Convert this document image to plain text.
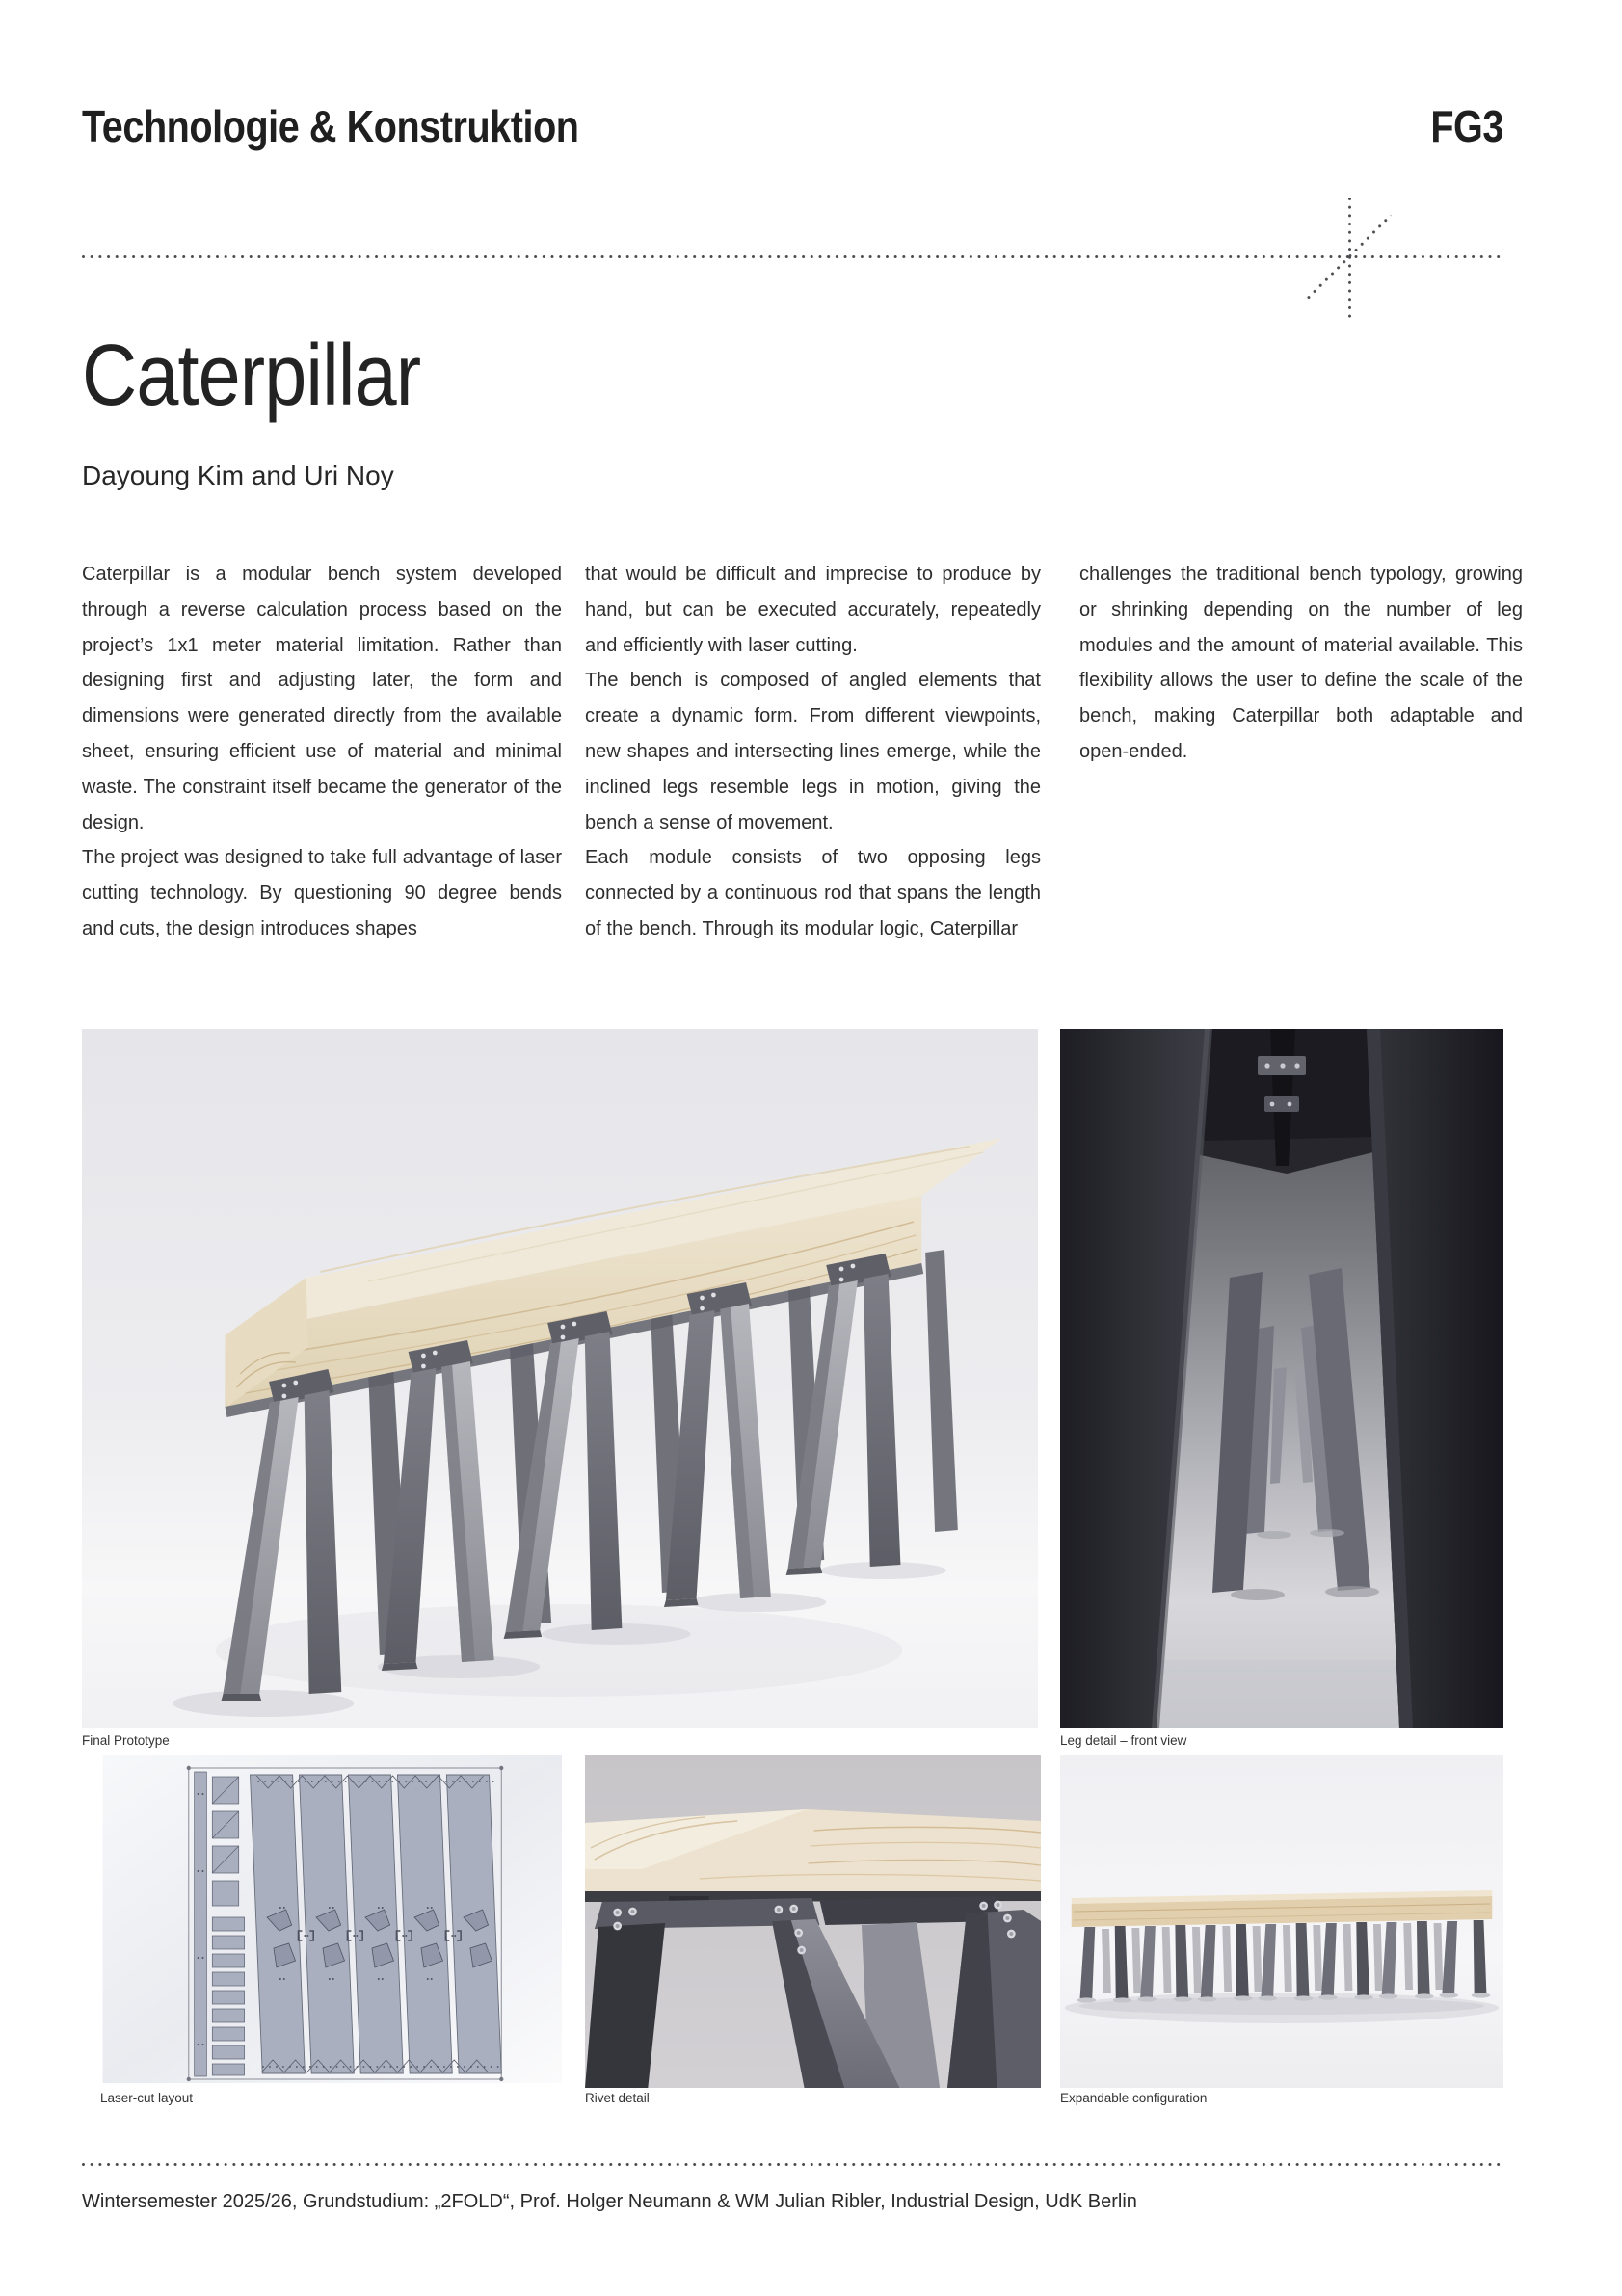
Technologie & Konstruktion	FG3
Caterpillar
Dayoung Kim and Uri Noy

Caterpillar is a modular bench system developed through a reverse calculation process based on the project’s 1x1 meter material limitation. Rather than designing first and adjusting later, the form and dimensions were generated directly from the available sheet, ensuring efficient use of material and minimal waste. The constraint itself became the generator of the design.

The project was designed to take full advantage of laser cutting technology. By questioning 90 degree bends and cuts, the design introduces shapes

that would be difficult and imprecise to produce by hand, but can be executed accurately, repeatedly and efficiently with laser cutting.

The bench is composed of angled elements that create a dynamic form. From different viewpoints, new shapes and intersecting lines emerge, while the inclined legs resemble legs in motion, giving the bench a sense of movement.

Each module consists of two opposing legs connected by a continuous rod that spans the length of the bench. Through its modular logic, Caterpillar

challenges the traditional bench typology, growing or shrinking depending on the number of leg modules and the amount of material available. This flexibility allows the user to define the scale of the bench, making Caterpillar both adaptable and open-ended.

Final Prototype	Leg detail – front view
Laser-cut layout	Rivet detail	Expandable configuration
Wintersemester 2025/26, Grundstudium: „2FOLD“, Prof. Holger Neumann & WM Julian Ribler, Industrial Design, UdK Berlin
